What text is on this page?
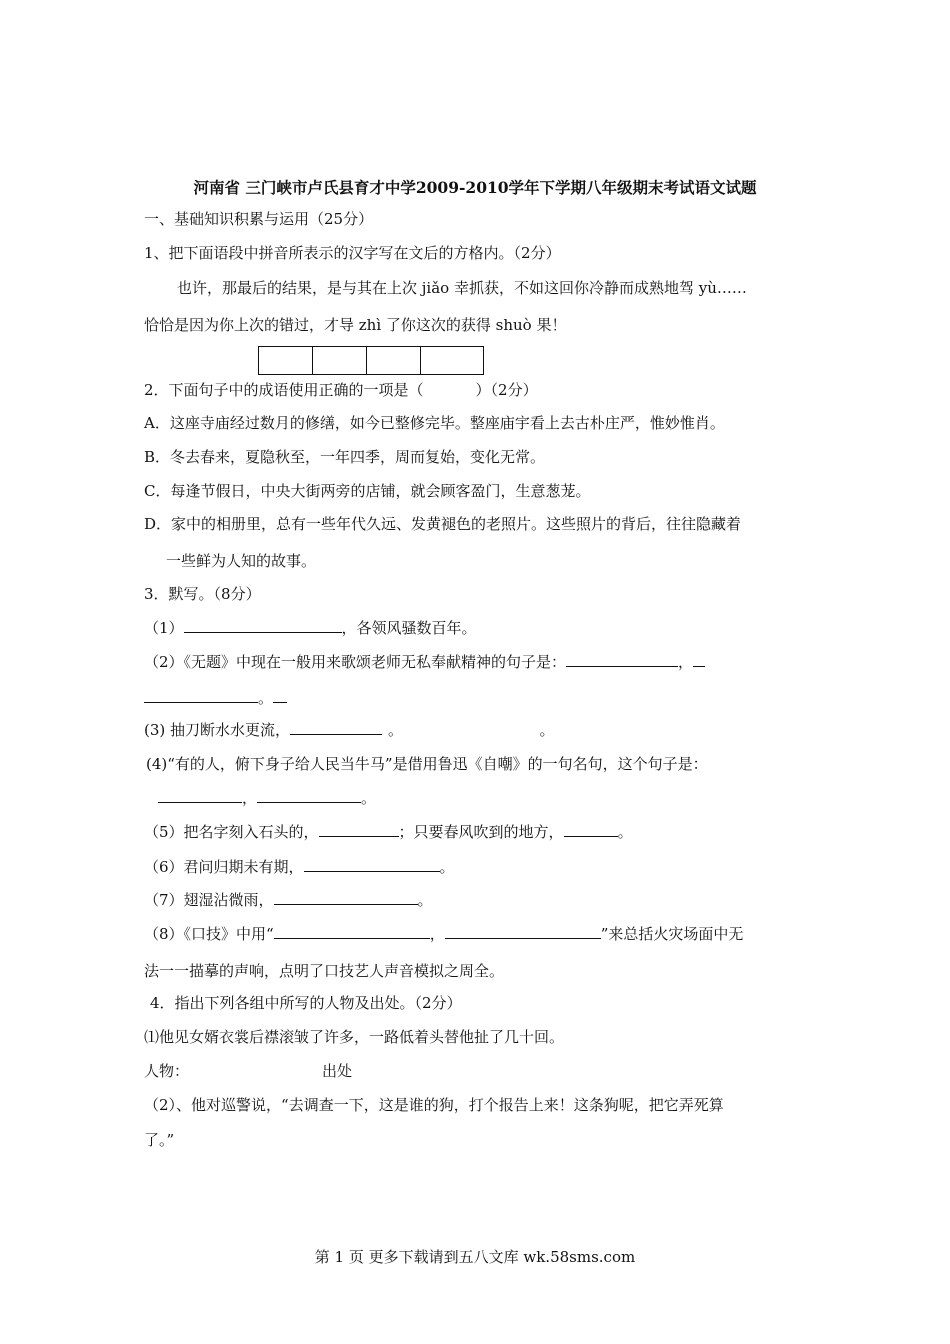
河南省 三门峡市卢氏县育才中学2009-2010学年下学期八年级期末考试语文试题
一、基础知识积累与运用（25分）
1、把下面语段中拼音所表示的汉字写在文后的方格内。（2分）
也许，那最后的结果，是与其在上次 jiǎo 幸抓获，不如这回你冷静而成熟地驾 yù……
恰恰是因为你上次的错过，才导 zhì 了你这次的获得 shuò 果！
2．下面句子中的成语使用正确的一项是（	）（2分）
A．这座寺庙经过数月的修缮，如今已整修完毕。整座庙宇看上去古朴庄严，惟妙惟肖。
B．冬去春来，夏隐秋至，一年四季，周而复始，变化无常。
C．每逢节假日，中央大街两旁的店铺，就会顾客盈门，生意葱茏。
D．家中的相册里，总有一些年代久远、发黄褪色的老照片。这些照片的背后，往往隐藏着
一些鲜为人知的故事。
3．默写。（8分）
（1）	，各领风骚数百年。
（2）《无题》中现在一般用来歌颂老师无私奉献精神的句子是：	，
。
(3) 抽刀断水水更流，	。	。
(4)“有的人，俯下身子给人民当牛马”是借用鲁迅《自嘲》的一句名句，这个句子是：
，	。
（5）把名字刻入石头的，	；只要春风吹到的地方，	。
（6）君问归期未有期，	。
（7）翅湿沾微雨，	。
（8）《口技》中用“	，	”来总括火灾场面中无
法一一描摹的声响，点明了口技艺人声音模拟之周全。
4．指出下列各组中所写的人物及出处。（2分）
⑴他见女婿衣裳后襟滚皱了许多，一路低着头替他扯了几十回。
人物：	出处
（2）、他对巡警说，“去调查一下，这是谁的狗，打个报告上来！这条狗呢，把它弄死算
了。”
第 1 页 更多下载请到五八文库 wk.58sms.com
